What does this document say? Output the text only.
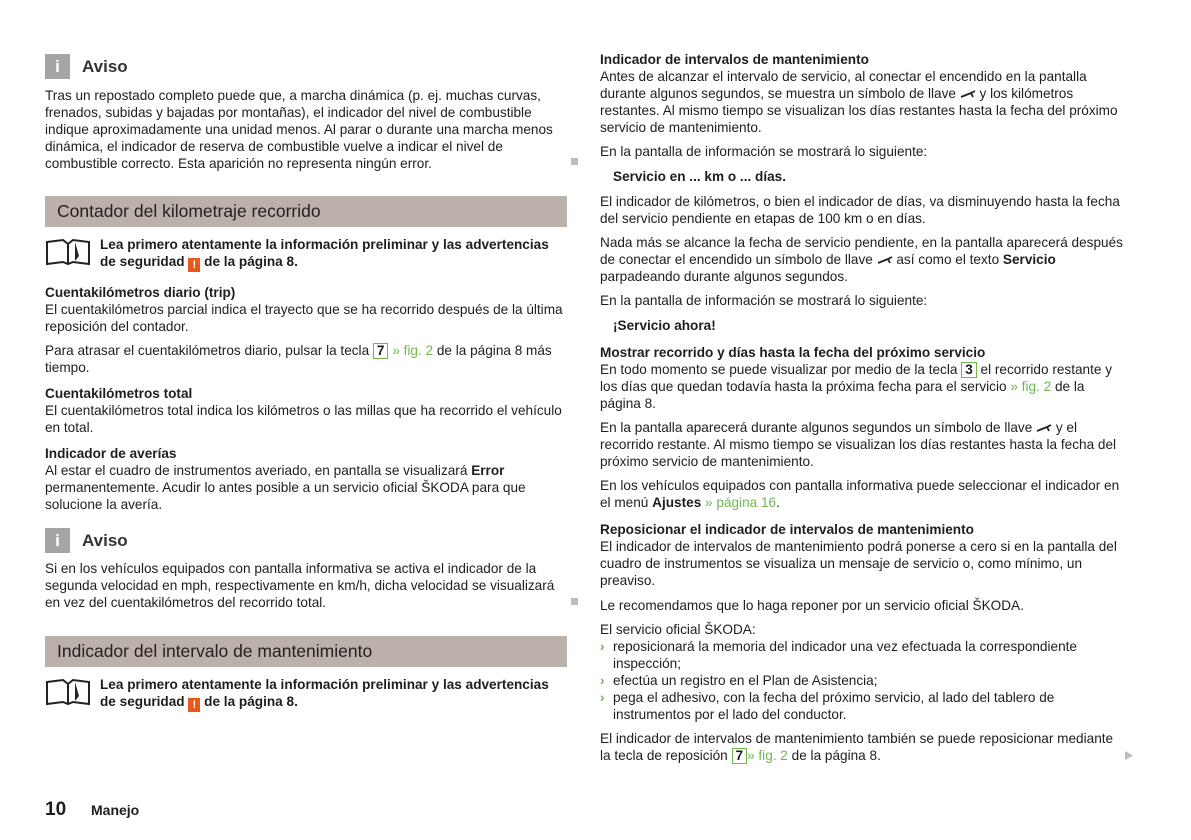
i	Aviso

Tras un repostado completo puede que, a marcha dinámica (p. ej. muchas curvas, frenados, subidas y bajadas por montañas), el indicador del nivel de combustible indique aproximadamente una unidad menos. Al parar o durante una marcha menos dinámica, el indicador de reserva de combustible vuelve a indicar el nivel de combustible correcto. Esta aparición no representa ningún error.

Contador del kilometraje recorrido

Lea primero atentamente la información preliminar y las advertencias de seguridad ! de la página 8.

Cuentakilómetros diario (trip)

El cuentakilómetros parcial indica el trayecto que se ha recorrido después de la última reposición del contador.

Para atrasar el cuentakilómetros diario, pulsar la tecla 7 » fig. 2 de la página 8 más tiempo.

Cuentakilómetros total

El cuentakilómetros total indica los kilómetros o las millas que ha recorrido el vehículo en total.

Indicador de averías

Al estar el cuadro de instrumentos averiado, en pantalla se visualizará Error permanentemente. Acudir lo antes posible a un servicio oficial ŠKODA para que solucione la avería.

i	Aviso

Si en los vehículos equipados con pantalla informativa se activa el indicador de la segunda velocidad en mph, respectivamente en km/h, dicha velocidad se visualizará en vez del cuentakilómetros del recorrido total.

Indicador del intervalo de mantenimiento

Lea primero atentamente la información preliminar y las advertencias de seguridad ! de la página 8.

Indicador de intervalos de mantenimiento

Antes de alcanzar el intervalo de servicio, al conectar el encendido en la pantalla durante algunos segundos, se muestra un símbolo de llave y los kilómetros restantes. Al mismo tiempo se visualizan los días restantes hasta la fecha del próximo servicio de mantenimiento.

En la pantalla de información se mostrará lo siguiente:

Servicio en ... km o ... días.

El indicador de kilómetros, o bien el indicador de días, va disminuyendo hasta la fecha del servicio pendiente en etapas de 100 km o en días.

Nada más se alcance la fecha de servicio pendiente, en la pantalla aparecerá después de conectar el encendido un símbolo de llave así como el texto Servicio parpadeando durante algunos segundos.

En la pantalla de información se mostrará lo siguiente:

¡Servicio ahora!

Mostrar recorrido y días hasta la fecha del próximo servicio

En todo momento se puede visualizar por medio de la tecla 3 el recorrido restante y los días que quedan todavía hasta la próxima fecha para el servicio » fig. 2 de la página 8.

En la pantalla aparecerá durante algunos segundos un símbolo de llave y el recorrido restante. Al mismo tiempo se visualizan los días restantes hasta la fecha del próximo servicio de mantenimiento.

En los vehículos equipados con pantalla informativa puede seleccionar el indicador en el menú Ajustes » página 16.

Reposicionar el indicador de intervalos de mantenimiento

El indicador de intervalos de mantenimiento podrá ponerse a cero si en la pantalla del cuadro de instrumentos se visualiza un mensaje de servicio o, como mínimo, un preaviso.

Le recomendamos que lo haga reponer por un servicio oficial ŠKODA.

El servicio oficial ŠKODA:

› reposicionará la memoria del indicador una vez efectuada la correspondiente inspección;
› efectúa un registro en el Plan de Asistencia;
› pega el adhesivo, con la fecha del próximo servicio, al lado del tablero de instrumentos por el lado del conductor.

El indicador de intervalos de mantenimiento también se puede reposicionar mediante la tecla de reposición 7 » fig. 2 de la página 8.

10 Manejo
